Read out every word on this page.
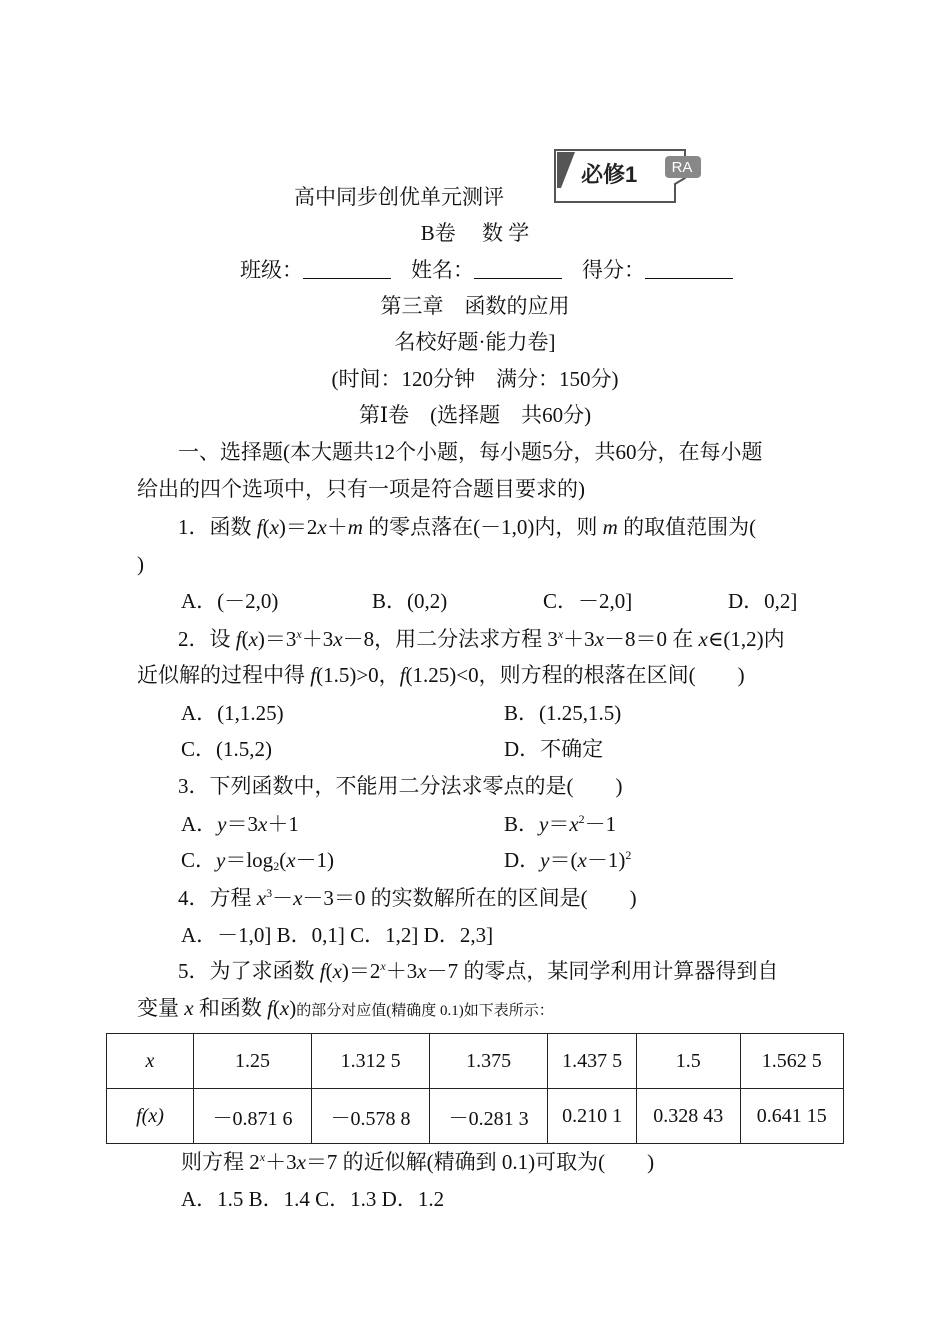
高中同步创优单元测评
必修1	RA
B卷　 数 学
班级：	姓名：	得分：
第三章　函数的应用
名校好题·能力卷]
(时间：120分钟　满分：150分)
第Ⅰ卷　(选择题　共60分)
一、选择题(本大题共12个小题，每小题5分，共60分，在每小题
给出的四个选项中，只有一项是符合题目要求的)
1．函数 f(x)＝2x＋m 的零点落在(－1,0)内，则 m 的取值范围为(
)
A．(－2,0)	B．(0,2)	C．－2,0]	D．0,2]
2．设 $f(x)=3^x+3x-8$，用二分法求方程 $3^x+3x-8=0$ 在 x∈(1,2)内
近似解的过程中得 f(1.5)>0，f(1.25)<0，则方程的根落在区间(　　)
A．(1,1.25)	B．(1.25,1.5)
C．(1.5,2)	D．不确定
3．下列函数中，不能用二分法求零点的是(　　)
A．y＝3x＋1	B．$y=x^2-1$
C．$y=\log_2(x-1)$	D．$y=(x-1)^2$
4．方程 $x^3-x-3=0$ 的实数解所在的区间是(　　)
A．－1,0] B．0,1] C．1,2] D．2,3]
5．为了求函数 $f(x)=2^x+3x-7$ 的零点，某同学利用计算器得到自
变量 x 和函数 f(x)的部分对应值(精确度 0.1)如下表所示：
x	1.25	1.312 5	1.375	1.437 5	1.5	1.562 5
f(x)	－0.871 6	－0.578 8	－0.281 3	0.210 1	0.328 43	0.641 15
则方程 $2^x+3x=7$ 的近似解(精确到 0.1)可取为(　　)
A．1.5 B．1.4 C．1.3 D．1.2
